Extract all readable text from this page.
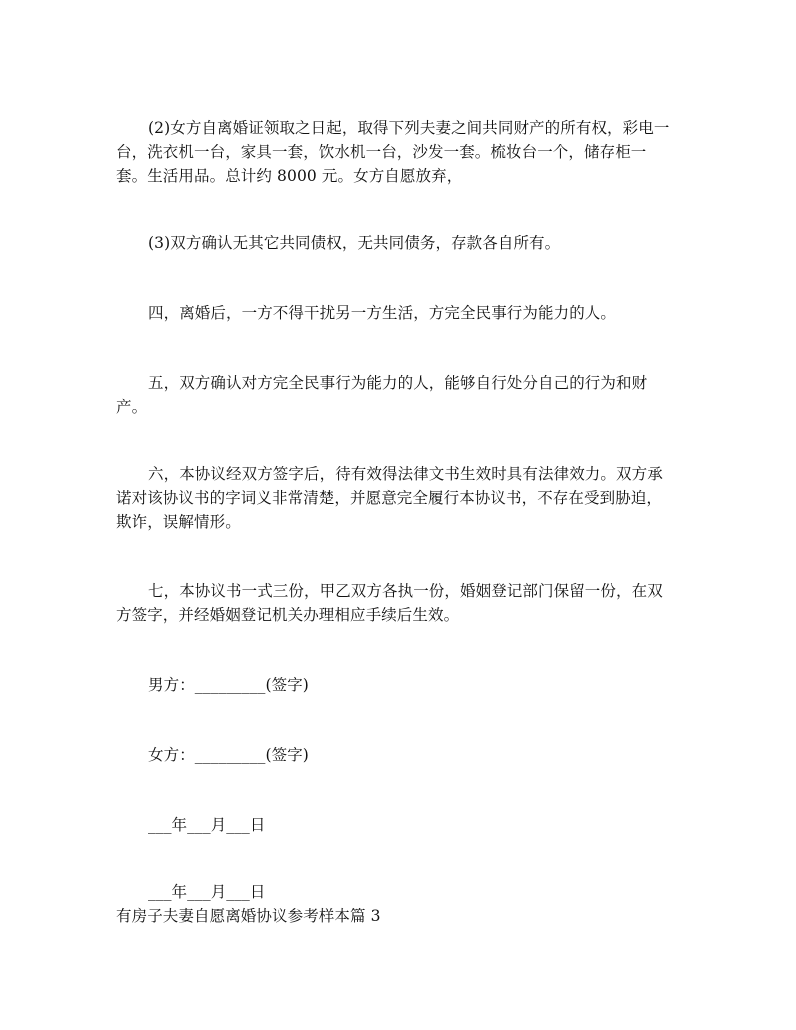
(2)女方自离婚证领取之日起，取得下列夫妻之间共同财产的所有权，彩电一
台，洗衣机一台，家具一套，饮水机一台，沙发一套。梳妆台一个，储存柜一
套。生活用品。总计约 8000 元。女方自愿放弃，
(3)双方确认无其它共同债权，无共同债务，存款各自所有。
四，离婚后，一方不得干扰另一方生活，方完全民事行为能力的人。
五，双方确认对方完全民事行为能力的人，能够自行处分自己的行为和财
产。
六，本协议经双方签字后，待有效得法律文书生效时具有法律效力。双方承
诺对该协议书的字词义非常清楚，并愿意完全履行本协议书，不存在受到胁迫，
欺诈，误解情形。
七，本协议书一式三份，甲乙双方各执一份，婚姻登记部门保留一份，在双
方签字，并经婚姻登记机关办理相应手续后生效。
男方：_________(签字)
女方：_________(签字)
___年___月___日
___年___月___日
有房子夫妻自愿离婚协议参考样本篇 3
